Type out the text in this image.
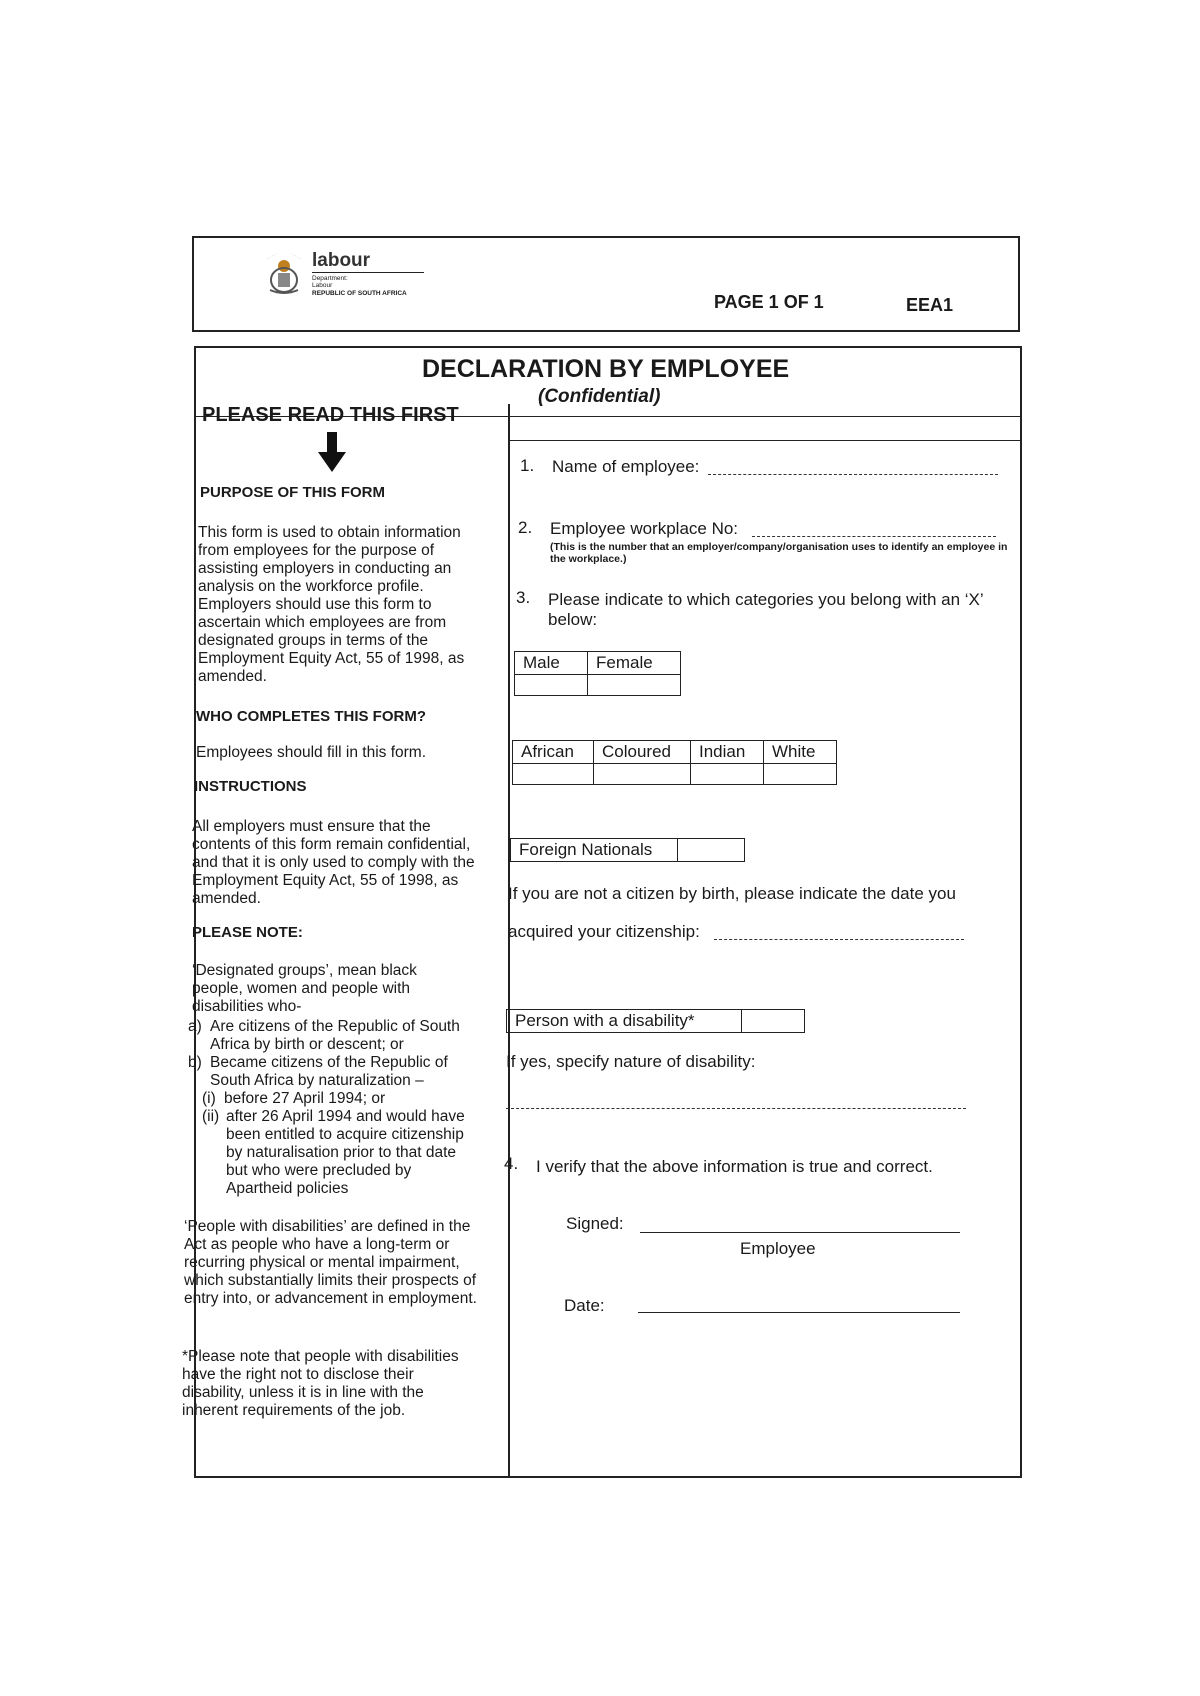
labour
Department:
Labour
REPUBLIC OF SOUTH AFRICA	PAGE 1 OF 1	EEA1
DECLARATION BY EMPLOYEE
(Confidential)
PLEASE READ THIS FIRST
PURPOSE OF THIS FORM
This form is used to obtain information from employees for the purpose of assisting employers in conducting an analysis on the workforce profile. Employers should use this form to ascertain which employees are from designated groups in terms of the Employment Equity Act, 55 of 1998, as amended.
WHO COMPLETES THIS FORM?
Employees should fill in this form.
INSTRUCTIONS
All employers must ensure that the contents of this form remain confidential, and that it is only used to comply with the Employment Equity Act, 55 of 1998, as amended.
PLEASE NOTE:
‘Designated groups’, mean black people, women and people with disabilities who-
a) Are citizens of the Republic of South Africa by birth or descent; or
b) Became citizens of the Republic of South Africa by naturalization –
(i) before 27 April 1994; or
(ii) after 26 April 1994 and would have been entitled to acquire citizenship by naturalisation prior to that date but who were precluded by Apartheid policies
‘People with disabilities’ are defined in the Act as people who have a long-term or recurring physical or mental impairment, which substantially limits their prospects of entry into, or advancement in employment.
*Please note that people with disabilities have the right not to disclose their disability, unless it is in line with the inherent requirements of the job.
1. Name of employee:
2. Employee workplace No:
(This is the number that an employer/company/organisation uses to identify an employee in the workplace.)
3. Please indicate to which categories you belong with an ‘X’ below:
Male	Female

African	Coloured	Indian	White

Foreign Nationals	
If you are not a citizen by birth, please indicate the date you
acquired your citizenship:
Person with a disability*	
If yes, specify nature of disability:
4. I verify that the above information is true and correct.
Signed:
Employee
Date:
